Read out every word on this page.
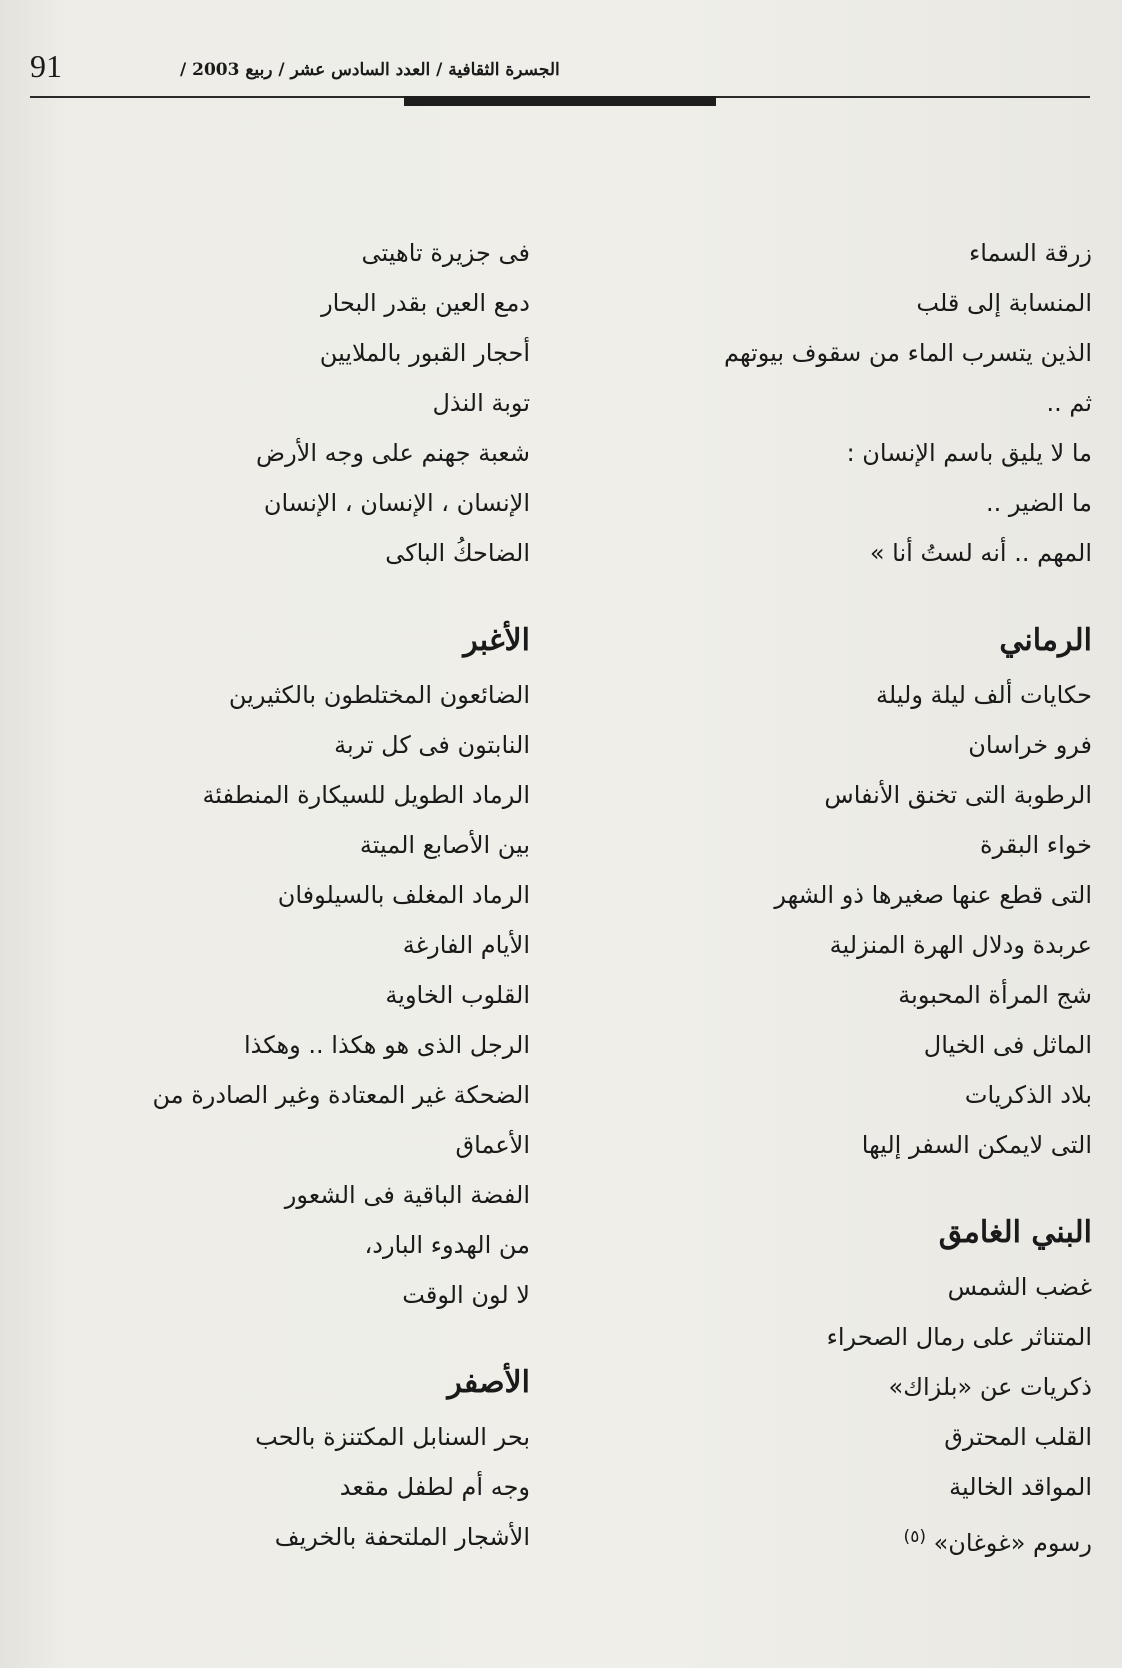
الجسرة الثقافية / العدد السادس عشر / ربيع 2003 /
91
زرقة السماء
المنسابة إلى قلب
الذين يتسرب الماء من سقوف بيوتهم
ثم ..
ما لا يليق باسم الإنسان :
ما الضير ..
المهم .. أنه لستُ أنا »
الرماني
حكايات ألف ليلة وليلة
فرو خراسان
الرطوبة التى تخنق الأنفاس
خواء البقرة
التى قطع عنها صغيرها ذو الشهر
عربدة ودلال الهرة المنزلية
شج المرأة المحبوبة
الماثل فى الخيال
بلاد الذكريات
التى لايمكن السفر إليها
البني الغامق
غضب الشمس
المتناثر على رمال الصحراء
ذكريات عن «بلزاك»
القلب المحترق
المواقد الخالية
رسوم «غوغان» $^{(٥)}$
فى جزيرة تاهيتى
دمع العين بقدر البحار
أحجار القبور بالملايين
توبة النذل
شعبة جهنم على وجه الأرض
الإنسان ، الإنسان ، الإنسان
الضاحكُ الباكى
الأغبر
الضائعون المختلطون بالكثيرين
النابتون فى كل تربة
الرماد الطويل للسيكارة المنطفئة
بين الأصابع الميتة
الرماد المغلف بالسيلوفان
الأيام الفارغة
القلوب الخاوية
الرجل الذى هو هكذا .. وهكذا
الضحكة غير المعتادة وغير الصادرة من
الأعماق
الفضة الباقية فى الشعور
من الهدوء البارد،
لا لون الوقت
الأصفر
بحر السنابل المكتنزة بالحب
وجه أم لطفل مقعد
الأشجار الملتحفة بالخريف
